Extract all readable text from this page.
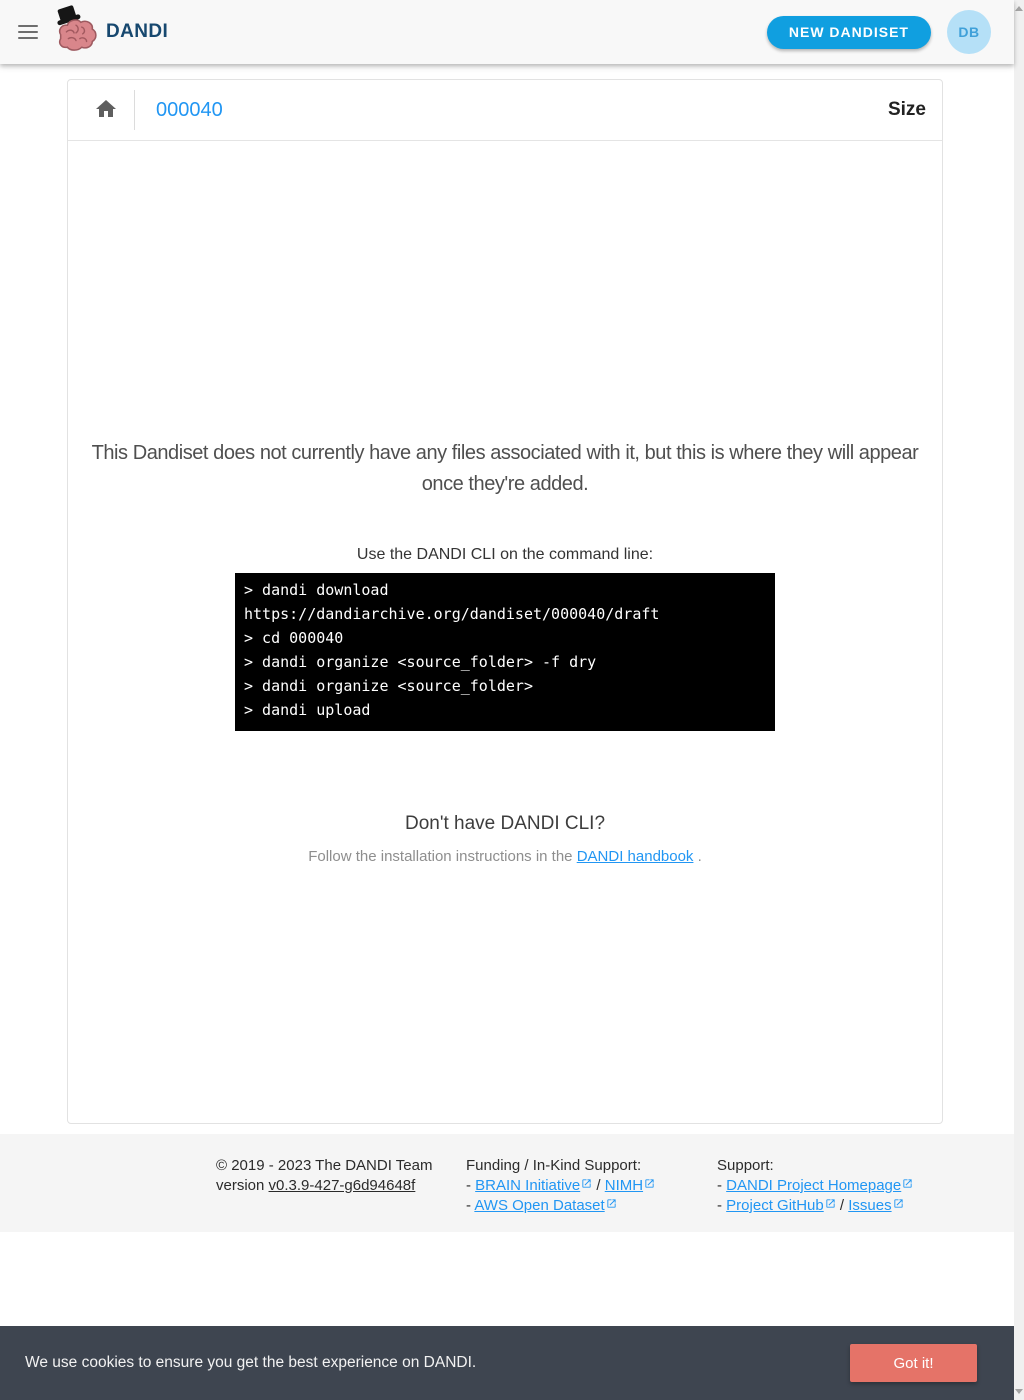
DANDI	NEW DANDISET	DB
000040	Size
This Dandiset does not currently have any files associated with it, but this is where they will appear once they're added.
Use the DANDI CLI on the command line:
> dandi download
https://dandiarchive.org/dandiset/000040/draft
> cd 000040
> dandi organize <source_folder> -f dry
> dandi organize <source_folder>
> dandi upload
Don't have DANDI CLI?
Follow the installation instructions in the DANDI handbook .
© 2019 - 2023 The DANDI Team
version v0.3.9-427-g6d94648f
Funding / In-Kind Support:
- BRAIN Initiative / NIMH
- AWS Open Dataset
Support:
- DANDI Project Homepage
- Project GitHub / Issues
We use cookies to ensure you get the best experience on DANDI.	Got it!
